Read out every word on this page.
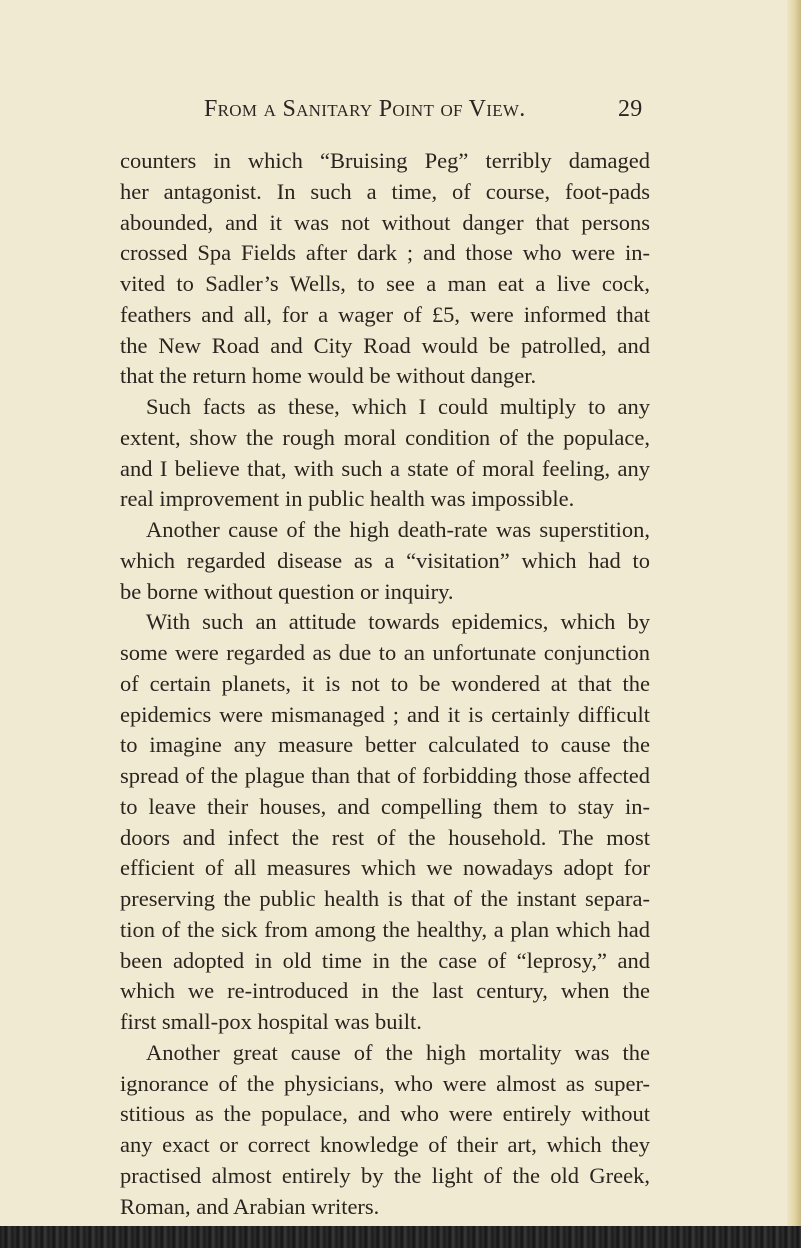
From a Sanitary Point of View.	29
counters in which “Bruising Peg” terribly damaged
her antagonist. In such a time, of course, foot-pads
abounded, and it was not without danger that persons
crossed Spa Fields after dark ; and those who were in-
vited to Sadler’s Wells, to see a man eat a live cock,
feathers and all, for a wager of £5, were informed that
the New Road and City Road would be patrolled, and
that the return home would be without danger.
Such facts as these, which I could multiply to any
extent, show the rough moral condition of the populace,
and I believe that, with such a state of moral feeling, any
real improvement in public health was impossible.
Another cause of the high death-rate was superstition,
which regarded disease as a “visitation” which had to
be borne without question or inquiry.
With such an attitude towards epidemics, which by
some were regarded as due to an unfortunate conjunction
of certain planets, it is not to be wondered at that the
epidemics were mismanaged ; and it is certainly difficult
to imagine any measure better calculated to cause the
spread of the plague than that of forbidding those affected
to leave their houses, and compelling them to stay in-
doors and infect the rest of the household. The most
efficient of all measures which we nowadays adopt for
preserving the public health is that of the instant separa-
tion of the sick from among the healthy, a plan which had
been adopted in old time in the case of “leprosy,” and
which we re-introduced in the last century, when the
first small-pox hospital was built.
Another great cause of the high mortality was the
ignorance of the physicians, who were almost as super-
stitious as the populace, and who were entirely without
any exact or correct knowledge of their art, which they
practised almost entirely by the light of the old Greek,
Roman, and Arabian writers.
